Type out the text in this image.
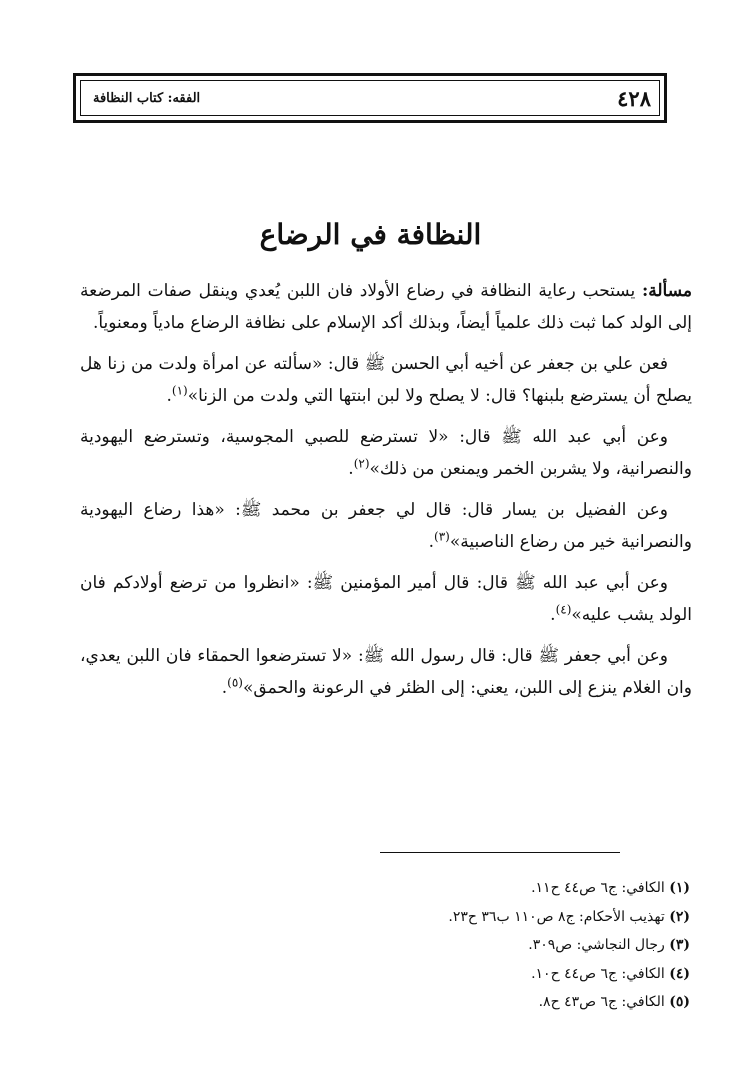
٤٢٨
الفقه: كتاب النظافة
النظافة في الرضاع

مسألة: يستحب رعاية النظافة في رضاع الأولاد فان اللبن يُعدي وينقل صفات المرضعة إلى الولد كما ثبت ذلك علمياً أيضاً، وبذلك أكد الإسلام على نظافة الرضاع مادياً ومعنوياً.

فعن علي بن جعفر عن أخيه أبي الحسن ﷺ قال: «سألته عن امرأة ولدت من زنا هل يصلح أن يسترضع بلبنها؟ قال: لا يصلح ولا لبن ابنتها التي ولدت من الزنا»$^{(١)}$.

وعن أبي عبد الله ﷺ قال: «لا تسترضع للصبي المجوسية، وتسترضع اليهودية والنصرانية، ولا يشربن الخمر ويمنعن من ذلك»$^{(٢)}$.

وعن الفضيل بن يسار قال: قال لي جعفر بن محمد ﷺ: «هذا رضاع اليهودية والنصرانية خير من رضاع الناصبية»$^{(٣)}$.

وعن أبي عبد الله ﷺ قال: قال أمير المؤمنين ﷺ: «انظروا من ترضع أولادكم فان الولد يشب عليه»$^{(٤)}$.

وعن أبي جعفر ﷺ قال: قال رسول الله ﷺ: «لا تسترضعوا الحمقاء فان اللبن يعدي، وان الغلام ينزع إلى اللبن، يعني: إلى الظئر في الرعونة والحمق»$^{(٥)}$.

(١) الكافي: ج٦ ص٤٤ ح١١.

(٢) تهذيب الأحكام: ج٨ ص١١٠ ب٣٦ ح٢٣.

(٣) رجال النجاشي: ص٣٠٩.

(٤) الكافي: ج٦ ص٤٤ ح١٠.

(٥) الكافي: ج٦ ص٤٣ ح٨.
